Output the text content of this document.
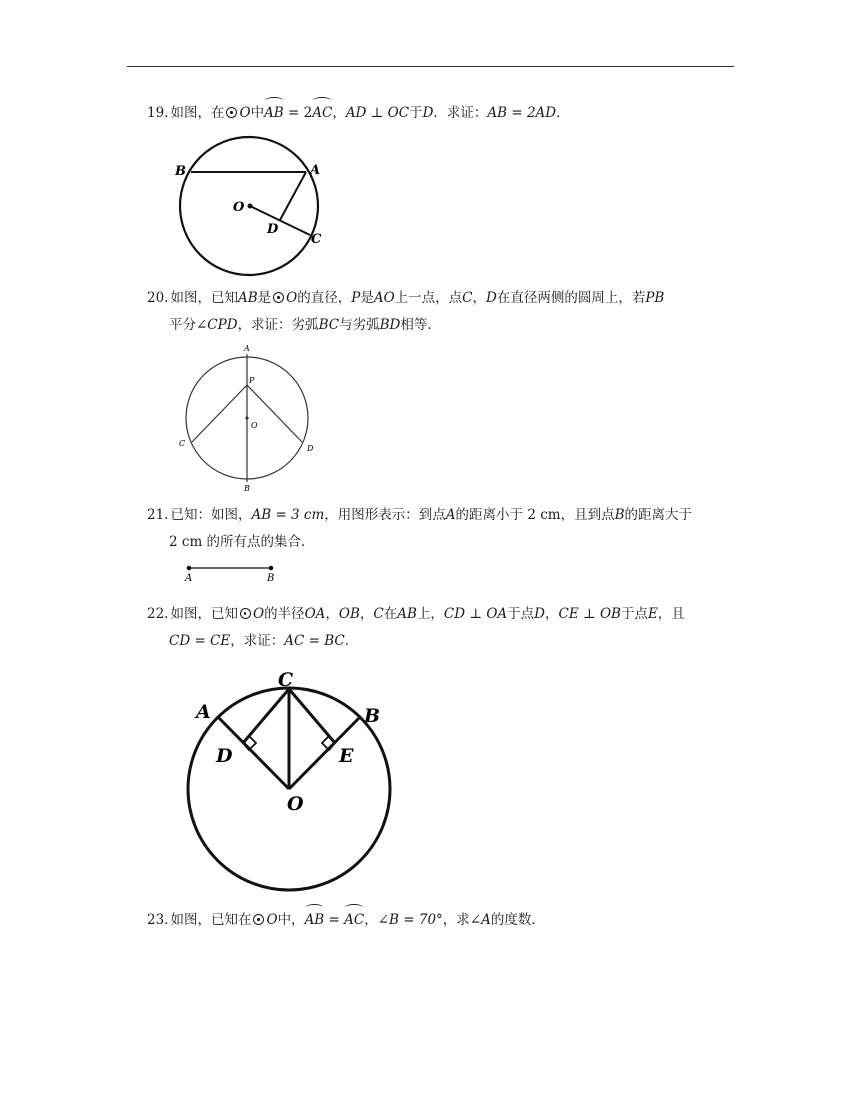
19. 如图，在 O中AB = 2AC，AD ⊥ OC于D．求证：AB = 2AD．
B	A
O
D
C
20. 如图，已知AB是 O的直径，P是AO上一点，点C，D在直径两侧的圆周上，若PB
平分∠CPD，求证：劣弧BC与劣弧BD相等．
A
P
O
C
D
B
21. 已知：如图，AB = 3 cm，用图形表示：到点A的距离小于 2 cm，且到点B的距离大于
2 cm 的所有点的集合．
A	B
22. 如图，已知 O的半径OA，OB，C在AB上，CD ⊥ OA于点D，CE ⊥ OB于点E，且
CD = CE，求证：AC = BC．
C
A	B
D	E
O
23. 如图，已知在 O中，AB = AC，∠B = 70°，求∠A的度数．
